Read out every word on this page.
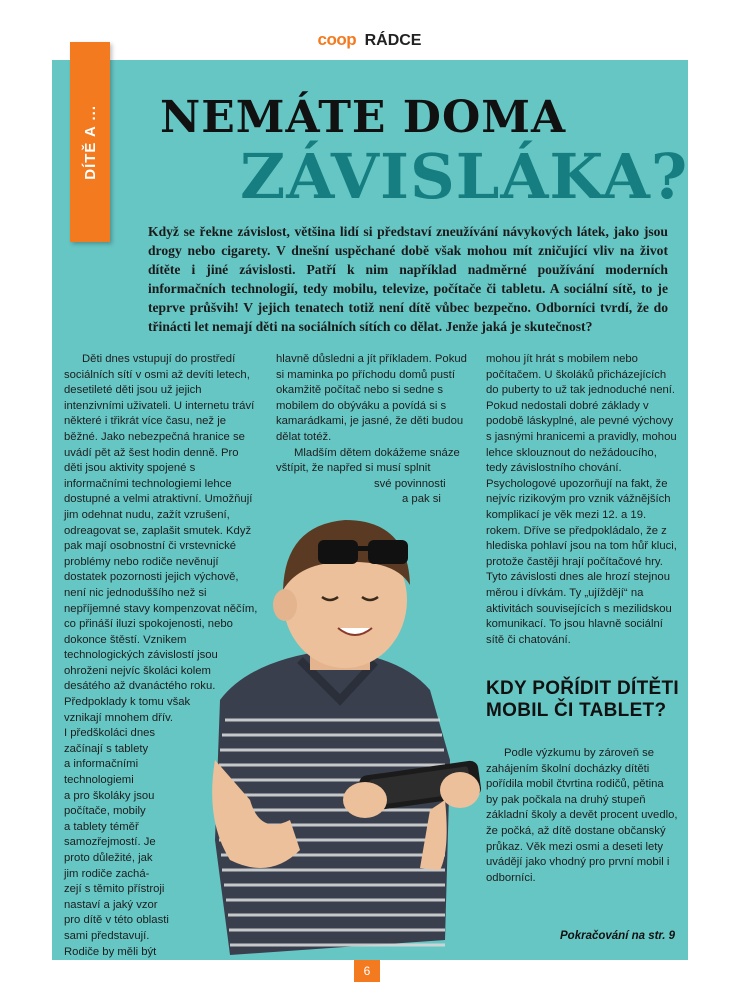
coop RÁDCE
DÍTĚ A ... NEMÁTE DOMA
ZÁVISLÁKA?
Když se řekne závislost, většina lidí si představí zneužívání návykových látek, jako jsou drogy nebo cigarety. V dnešní uspěchané době však mohou mít zničující vliv na život dítěte i jiné závislosti. Patří k nim například nadměrné používání moderních informačních technologií, tedy mobilu, televize, počítače či tabletu. A sociální sítě, to je teprve průšvih! V jejich tenatech totiž není dítě vůbec bezpečno. Odborníci tvrdí, že do třinácti let nemají děti na sociálních sítích co dělat. Jenže jaká je skutečnost?

Děti dnes vstupují do prostředí sociálních sítí v osmi až devíti letech, desetileté děti jsou už jejich intenzivními uživateli. U internetu tráví některé i třikrát více času, než je běžné. Jako nebezpečná hranice se uvádí pět až šest hodin denně. Pro děti jsou aktivity spojené s informačními technologiemi lehce dostupné a velmi atraktivní. Umožňují jim odehnat nudu, zažít vzrušení, odreagovat se, zaplašit smutek. Když pak mají osobnostní či vrstevnické problémy nebo rodiče nevěnují dostatek pozornosti jejich výchově, není nic jednoduššího než si nepříjemné stavy kompenzovat něčím, co přináší iluzi spokojenosti, nebo dokonce štěstí. Vznikem technologických závislostí jsou ohroženi nejvíc školáci kolem desátého až dvanáctého roku. Předpoklady k tomu však

vznikají mnohem dřív.
I předškoláci dnes
začínají s tablety
a informačními
technologiemi
a pro školáky jsou
počítače, mobily
a tablety téměř
samozřejmostí. Je
proto důležité, jak
jim rodiče zachá-
zejí s těmito přístroji
nastaví a jaký vzor
pro dítě v této oblasti
sami představují.
Rodiče by měli být

hlavně důsledni a jít příkladem. Pokud si maminka po příchodu domů pustí okamžitě počítač nebo si sedne s mobilem do obýváku a povídá si s kamarádkami, je jasné, že děti budou dělat totéž.

Mladším dětem dokážeme snáze vštípit, že napřed si musí splnit

své povinnosti
a pak si

mohou jít hrát s mobilem nebo počítačem. U školáků přicházejících do puberty to už tak jednoduché není. Pokud nedostali dobré základy v podobě láskyplné, ale pevné výchovy s jasnými hranicemi a pravidly, mohou lehce sklouznout do nežádoucího, tedy závislostního chování. Psychologové upozorňují na fakt, že nejvíc rizikovým pro vznik vážnějších komplikací je věk mezi 12. a 19. rokem. Dříve se předpokládalo, že z hlediska pohlaví jsou na tom hůř kluci, protože častěji hrají počítačové hry. Tyto závislosti dnes ale hrozí stejnou měrou i dívkám. Ty „ujíždějí“ na aktivitách souvisejících s mezilidskou komunikací. To jsou hlavně sociální sítě či chatování.

KDY POŘÍDIT DÍTĚTI MOBIL ČI TABLET?

Podle výzkumu by zároveň se zahájením školní docházky dítěti pořídila mobil čtvrtina rodičů, pětina by pak počkala na druhý stupeň základní školy a devět procent uvedlo, že počká, až dítě dostane občanský průkaz. Věk mezi osmi a deseti lety uvádějí jako vhodný pro první mobil i odborníci.

Pokračování na str. 9
6
